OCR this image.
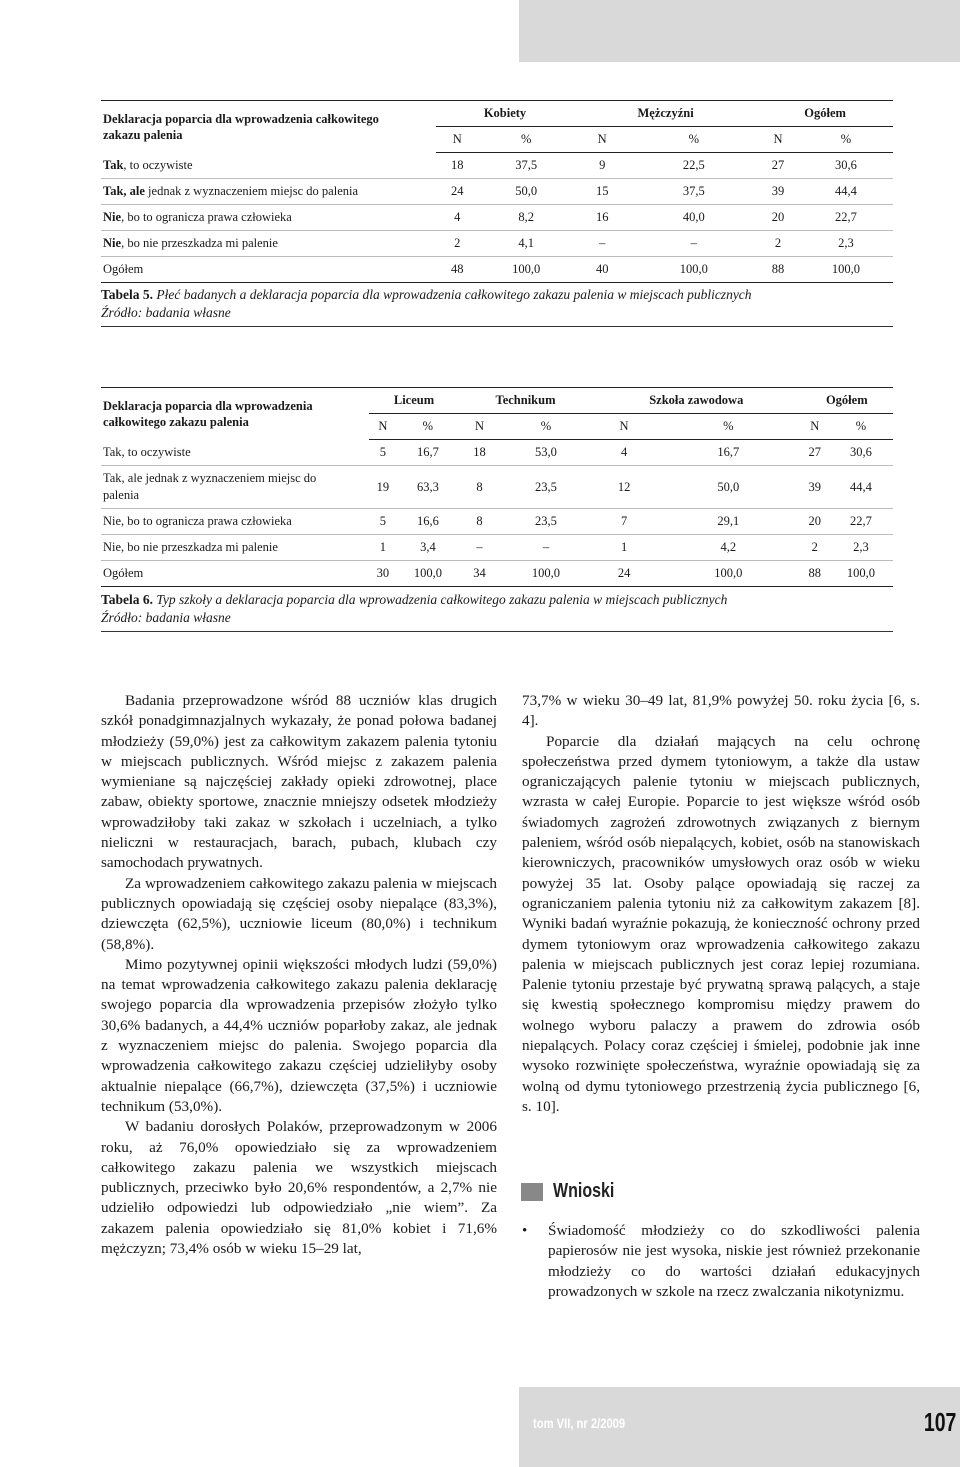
Deklaracja poparcia dla wprowadzenia całkowitego zakazu palenia	Kobiety		Mężczyźni		Ogółem	
	N	%	N	%	N	%
Tak, to oczywiste	18	37,5	9	22,5	27	30,6
Tak, ale jednak z wyznaczeniem miejsc do palenia	24	50,0	15	37,5	39	44,4
Nie, bo to ogranicza prawa człowieka	4	8,2	16	40,0	20	22,7
Nie, bo nie przeszkadza mi palenie	2	4,1	–	–	2	2,3
Ogółem	48	100,0	40	100,0	88	100,0
Tabela 5. Płeć badanych a deklaracja poparcia dla wprowadzenia całkowitego zakazu palenia w miejscach publicznych
Źródło: badania własne
Deklaracja poparcia dla wprowadzenia całkowitego zakazu palenia	Liceum		Technikum		Szkoła zawodowa		Ogółem	
	N	%	N	%	N	%	N	%
Tak, to oczywiste	5	16,7	18	53,0	4	16,7	27	30,6
Tak, ale jednak z wyznaczeniem miejsc do palenia	19	63,3	8	23,5	12	50,0	39	44,4
Nie, bo to ogranicza prawa człowieka	5	16,6	8	23,5	7	29,1	20	22,7
Nie, bo nie przeszkadza mi palenie	1	3,4	–	–	1	4,2	2	2,3
Ogółem	30	100,0	34	100,0	24	100,0	88	100,0
Tabela 6. Typ szkoły a deklaracja poparcia dla wprowadzenia całkowitego zakazu palenia w miejscach publicznych
Źródło: badania własne

Badania przeprowadzone wśród 88 uczniów klas drugich szkół ponadgimnazjalnych wykazały, że ponad połowa badanej młodzieży (59,0%) jest za całkowitym zakazem palenia tytoniu w miejscach publicznych. Wśród miejsc z zakazem palenia wymieniane są najczęściej zakłady opieki zdrowotnej, place zabaw, obiekty sportowe, znacznie mniejszy odsetek młodzieży wprowadziłoby taki zakaz w szkołach i uczelniach, a tylko nieliczni w restauracjach, barach, pubach, klubach czy samochodach prywatnych.

Za wprowadzeniem całkowitego zakazu palenia w miejscach publicznych opowiadają się częściej osoby niepalące (83,3%), dziewczęta (62,5%), uczniowie liceum (80,0%) i technikum (58,8%).

Mimo pozytywnej opinii większości młodych ludzi (59,0%) na temat wprowadzenia całkowitego zakazu palenia deklarację swojego poparcia dla wprowadzenia przepisów złożyło tylko 30,6% badanych, a 44,4% uczniów poparłoby zakaz, ale jednak z wyznaczeniem miejsc do palenia. Swojego poparcia dla wprowadzenia całkowitego zakazu częściej udzieliłyby osoby aktualnie niepalące (66,7%), dziewczęta (37,5%) i uczniowie technikum (53,0%).

W badaniu dorosłych Polaków, przeprowadzonym w 2006 roku, aż 76,0% opowiedziało się za wprowadzeniem całkowitego zakazu palenia we wszystkich miejscach publicznych, przeciwko było 20,6% respondentów, a 2,7% nie udzieliło odpowiedzi lub odpowiedziało „nie wiem”. Za zakazem palenia opowiedziało się 81,0% kobiet i 71,6% mężczyzn; 73,4% osób w wieku 15–29 lat,

73,7% w wieku 30–49 lat, 81,9% powyżej 50. roku życia [6, s. 4].

Poparcie dla działań mających na celu ochronę społeczeństwa przed dymem tytoniowym, a także dla ustaw ograniczających palenie tytoniu w miejscach publicznych, wzrasta w całej Europie. Poparcie to jest większe wśród osób świadomych zagrożeń zdrowotnych związanych z biernym paleniem, wśród osób niepalących, kobiet, osób na stanowiskach kierowniczych, pracowników umysłowych oraz osób w wieku powyżej 35 lat. Osoby palące opowiadają się raczej za ograniczaniem palenia tytoniu niż za całkowitym zakazem [8]. Wyniki badań wyraźnie pokazują, że konieczność ochrony przed dymem tytoniowym oraz wprowadzenia całkowitego zakazu palenia w miejscach publicznych jest coraz lepiej rozumiana. Palenie tytoniu przestaje być prywatną sprawą palących, a staje się kwestią społecznego kompromisu między prawem do wolnego wyboru palaczy a prawem do zdrowia osób niepalących. Polacy coraz częściej i śmielej, podobnie jak inne wysoko rozwinięte społeczeństwa, wyraźnie opowiadają się za wolną od dymu tytoniowego przestrzenią życia publicznego [6, s. 10].

Wnioski
•	Świadomość młodzieży co do szkodliwości palenia papierosów nie jest wysoka, niskie jest również przekonanie młodzieży co do wartości działań edukacyjnych prowadzonych w szkole na rzecz zwalczania nikotynizmu.
tom VII, nr 2/2009	107
